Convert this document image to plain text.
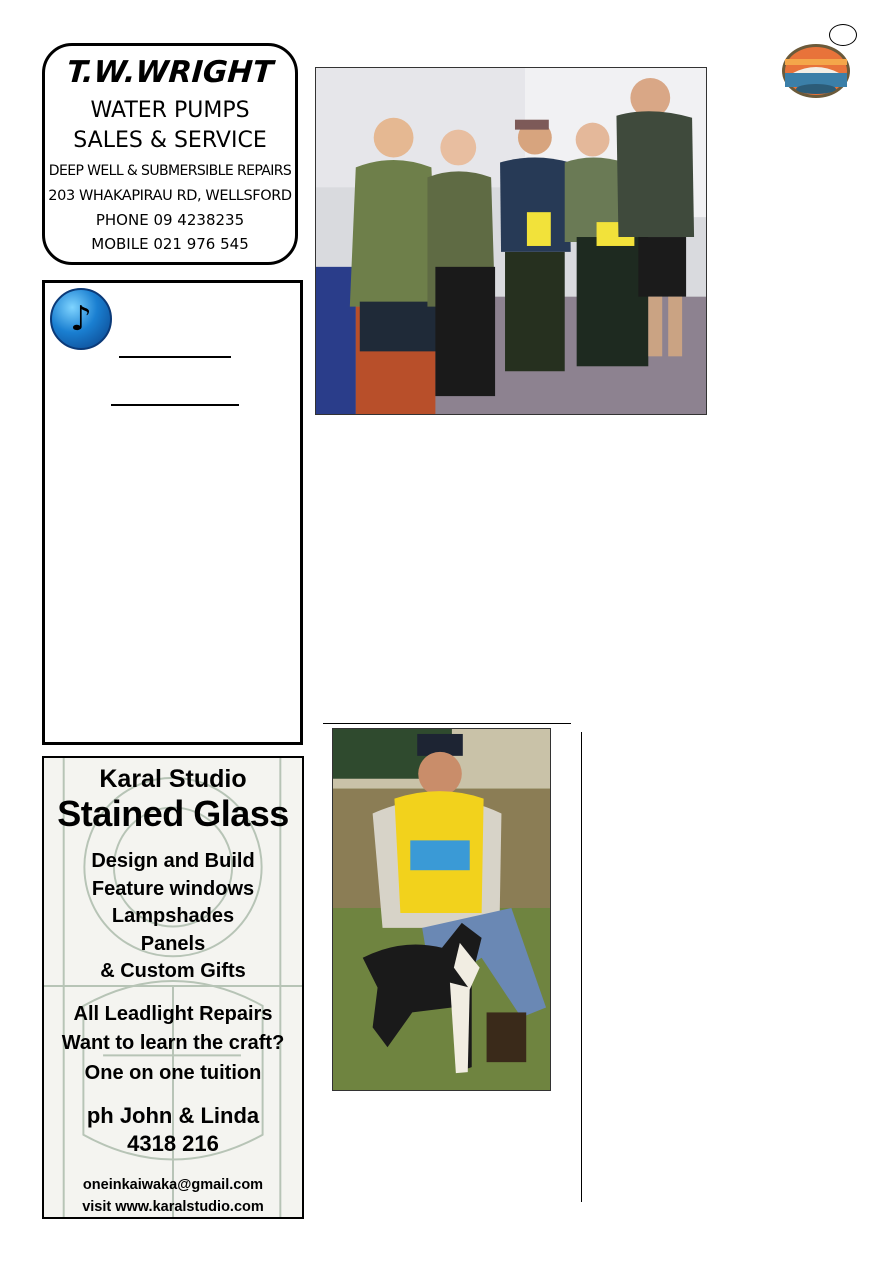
T.W.WRIGHT
WATER PUMPS
SALES & SERVICE
DEEP WELL & SUBMERSIBLE REPAIRS
203 WHAKAPIRAU RD, WELLSFORD
PHONE 09 4238235
MOBILE 021 976 545
♪
Karal Studio
Stained Glass
Design and Build
Feature windows
Lampshades
Panels
& Custom Gifts
All Leadlight Repairs
Want to learn the craft?
One on one tuition
ph John & Linda
4318 216
oneinkaiwaka@gmail.com
visit www.karalstudio.com
